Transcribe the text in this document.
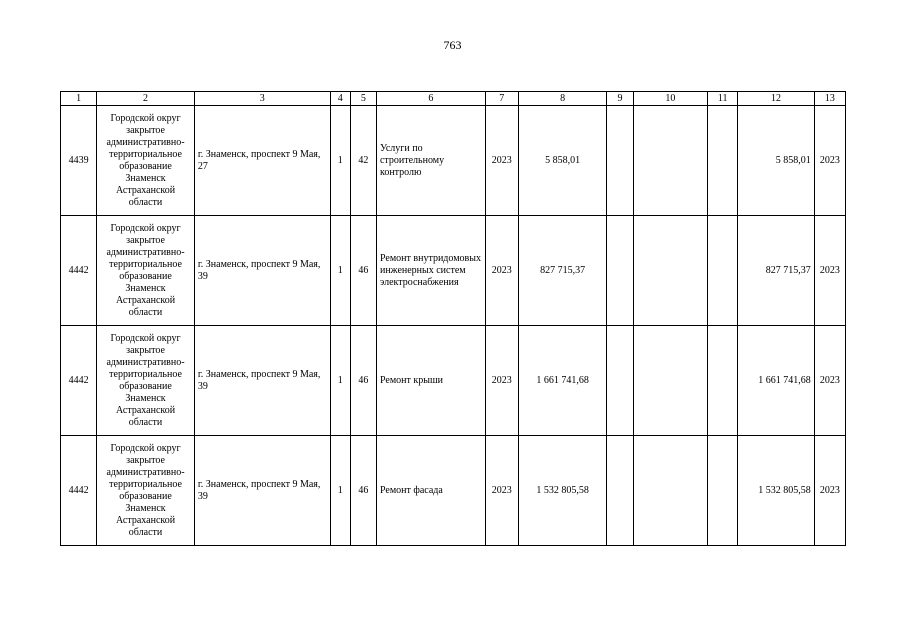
763
1	2	3	4	5	6	7	8	9	10	11	12	13
4439	Городской округ закрытое административно-территориальное образование Знаменск Астраханской области	г. Знаменск, проспект 9 Мая, 27	1	42	Услуги по строительному контролю	2023	5 858,01				5 858,01	2023
4442	Городской округ закрытое административно-территориальное образование Знаменск Астраханской области	г. Знаменск, проспект 9 Мая, 39	1	46	Ремонт внутридомовых инженерных систем электроснабжения	2023	827 715,37				827 715,37	2023
4442	Городской округ закрытое административно-территориальное образование Знаменск Астраханской области	г. Знаменск, проспект 9 Мая, 39	1	46	Ремонт крыши	2023	1 661 741,68				1 661 741,68	2023
4442	Городской округ закрытое административно-территориальное образование Знаменск Астраханской области	г. Знаменск, проспект 9 Мая, 39	1	46	Ремонт фасада	2023	1 532 805,58				1 532 805,58	2023
